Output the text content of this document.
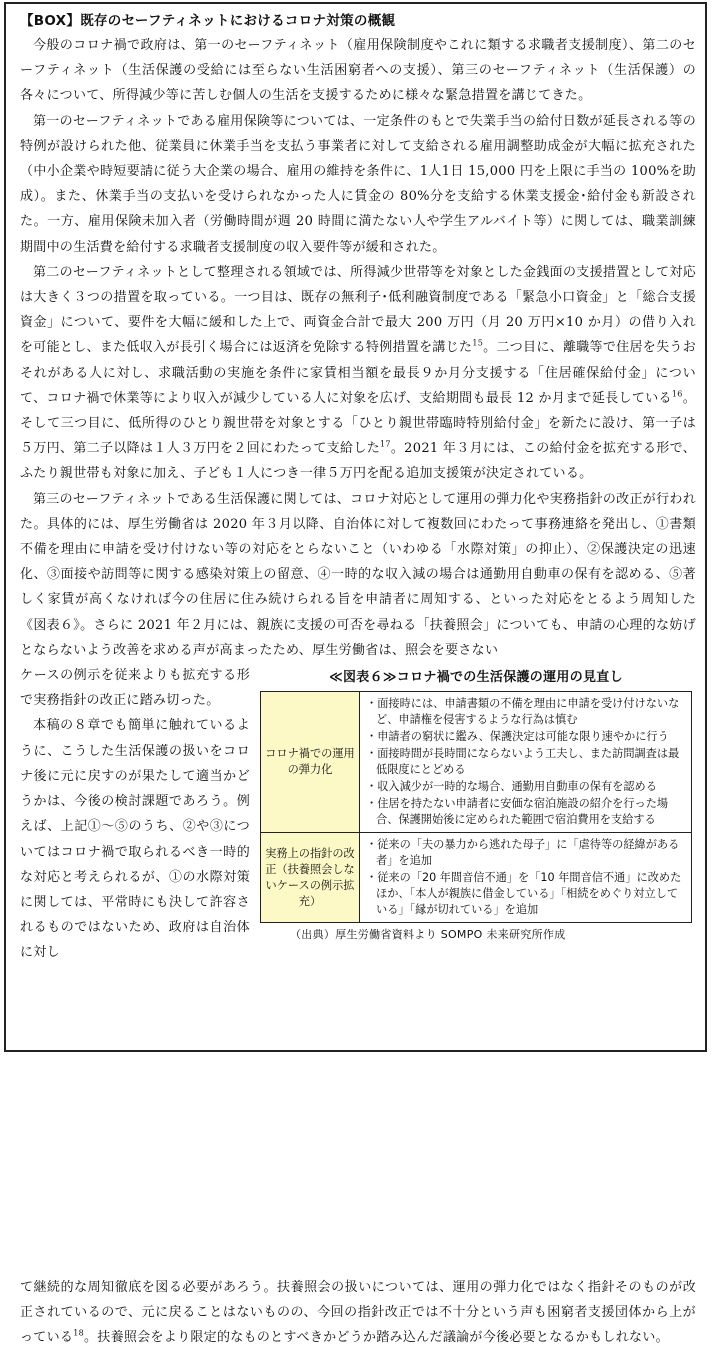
【BOX】既存のセーフティネットにおけるコロナ対策の概観

今般のコロナ禍で政府は、第一のセーフティネット（雇用保険制度やこれに類する求職者支援制度）、第二のセーフティネット（生活保護の受給には至らない生活困窮者への支援）、第三のセーフティネット（生活保護）の各々について、所得減少等に苦しむ個人の生活を支援するために様々な緊急措置を講じてきた。

第一のセーフティネットである雇用保険等については、一定条件のもとで失業手当の給付日数が延長される等の特例が設けられた他、従業員に休業手当を支払う事業者に対して支給される雇用調整助成金が大幅に拡充された（中小企業や時短要請に従う大企業の場合、雇用の維持を条件に、1人1日 15,000 円を上限に手当の 100%を助成）。また、休業手当の支払いを受けられなかった人に賃金の 80%分を支給する休業支援金･給付金も新設された。一方、雇用保険未加入者（労働時間が週 20 時間に満たない人や学生アルバイト等）に関しては、職業訓練期間中の生活費を給付する求職者支援制度の収入要件等が緩和された。

第二のセーフティネットとして整理される領域では、所得減少世帯等を対象とした金銭面の支援措置として対応は大きく３つの措置を取っている。一つ目は、既存の無利子･低利融資制度である「緊急小口資金」と「総合支援資金」について、要件を大幅に緩和した上で、両資金合計で最大 200 万円（月 20 万円×10 か月）の借り入れを可能とし、また低収入が長引く場合には返済を免除する特例措置を講じた$^{15}$。二つ目に、離職等で住居を失うおそれがある人に対し、求職活動の実施を条件に家賃相当額を最長９か月分支援する「住居確保給付金」について、コロナ禍で休業等により収入が減少している人に対象を広げ、支給期間も最長 12 か月まで延長している$^{16}$。そして三つ目に、低所得のひとり親世帯を対象とする「ひとり親世帯臨時特別給付金」を新たに設け、第一子は５万円、第二子以降は１人３万円を２回にわたって支給した$^{17}$。2021 年３月には、この給付金を拡充する形で、ふたり親世帯も対象に加え、子ども１人につき一律５万円を配る追加支援策が決定されている。

第三のセーフティネットである生活保護に関しては、コロナ対応として運用の弾力化や実務指針の改正が行われた。具体的には、厚生労働省は 2020 年３月以降、自治体に対して複数回にわたって事務連絡を発出し、①書類不備を理由に申請を受け付けない等の対応をとらないこと（いわゆる「水際対策」の抑止）、②保護決定の迅速化、③面接や訪問等に関する感染対策上の留意、④一時的な収入減の場合は通勤用自動車の保有を認める、⑤著しく家賃が高くなければ今の住居に住み続けられる旨を申請者に周知する、といった対応をとるよう周知した《図表６》。さらに 2021 年２月には、親族に支援の可否を尋ねる「扶養照会」についても、申請の心理的な妨げとならないよう改善を求める声が高まったため、厚生労働省は、照会を要さない

ケースの例示を従来よりも拡充する形で実務指針の改正に踏み切った。

本稿の８章でも簡単に触れているように、こうした生活保護の扱いをコロナ後に元に戻すのが果たして適当かどうかは、今後の検討課題であろう。例えば、上記①～⑤のうち、②や③についてはコロナ禍で取られるべき一時的な対応と考えられるが、①の水際対策に関しては、平常時にも決して許容されるものではないため、政府は自治体に対し

≪図表６≫コロナ禍での生活保護の運用の見直し
コロナ禍での運用の弾力化	・ 面接時には、申請書類の不備を理由に申請を受け付けないなど、申請権を侵害するような行為は慎む
・ 申請者の窮状に鑑み、保護決定は可能な限り速やかに行う
・ 面接時間が長時間にならないよう工夫し、また訪問調査は最低限度にとどめる
・ 収入減少が一時的な場合、通勤用自動車の保有を認める
・ 住居を持たない申請者に安価な宿泊施設の紹介を行った場合、保護開始後に定められた範囲で宿泊費用を支給する

実務上の指針の改正（扶養照会しないケースの例示拡充）	・ 従来の「夫の暴力から逃れた母子」に「虐待等の経緯がある者」を追加
・ 従来の「20 年間音信不通」を「10 年間音信不通」に改めたほか、「本人が親族に借金している」「相続をめぐり対立している」「縁が切れている」を追加
（出典）厚生労働省資料より SOMPO 未来研究所作成

て継続的な周知徹底を図る必要があろう。扶養照会の扱いについては、運用の弾力化ではなく指針そのものが改正されているので、元に戻ることはないものの、今回の指針改正では不十分という声も困窮者支援団体から上がっている$^{18}$。扶養照会をより限定的なものとすべきかどうか踏み込んだ議論が今後必要となるかもしれない。
